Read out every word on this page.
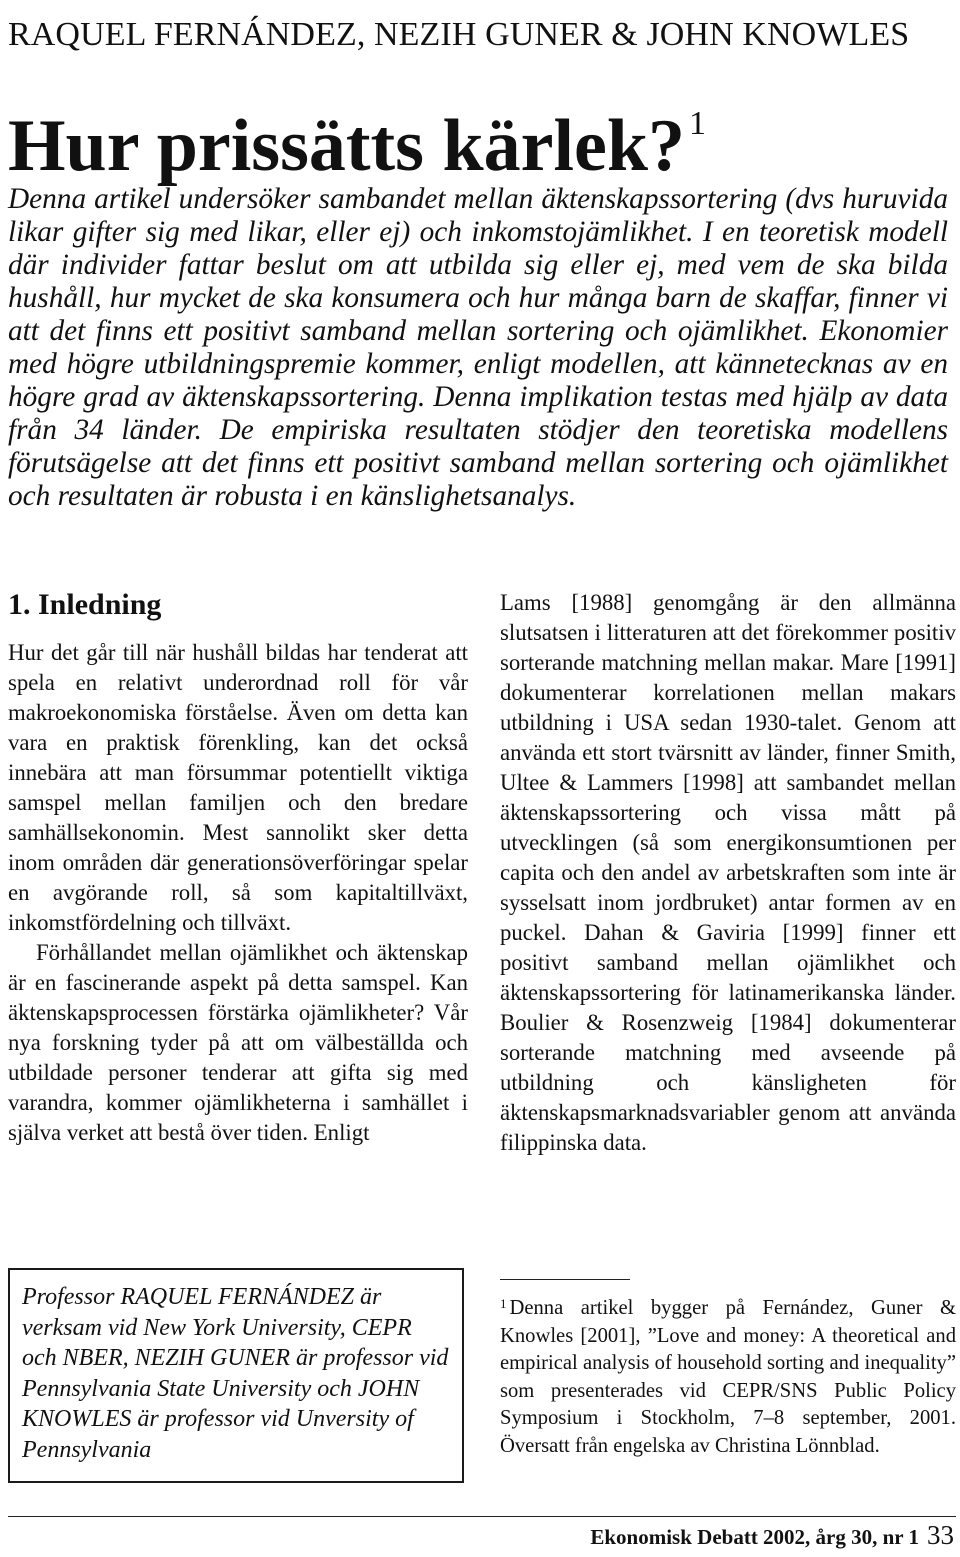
RAQUEL FERNÁNDEZ, NEZIH GUNER & JOHN KNOWLES
Hur prissätts kärlek? $^1$
Denna artikel undersöker sambandet mellan äktenskapssortering (dvs huruvida likar gifter sig med likar, eller ej) och inkomstojämlikhet. I en teoretisk modell där individer fattar beslut om att utbilda sig eller ej, med vem de ska bilda hushåll, hur mycket de ska konsumera och hur många barn de skaffar, finner vi att det finns ett positivt samband mellan sortering och ojämlikhet. Ekonomier med högre utbildningspremie kommer, enligt modellen, att kännetecknas av en högre grad av äktenskapssortering. Denna implikation testas med hjälp av data från 34 länder. De empiriska resultaten stödjer den teoretiska modellens förutsägelse att det finns ett positivt samband mellan sortering och ojämlikhet och resultaten är robusta i en känslighetsanalys.
1. Inledning

Hur det går till när hushåll bildas har tenderat att spela en relativt underordnad roll för vår makroekonomiska förståelse. Även om detta kan vara en praktisk förenkling, kan det också innebära att man försummar potentiellt viktiga samspel mellan familjen och den bredare samhällsekonomin. Mest sannolikt sker detta inom områden där generationsöverföringar spelar en avgörande roll, så som kapitaltillväxt, inkomstfördelning och tillväxt.

Förhållandet mellan ojämlikhet och äktenskap är en fascinerande aspekt på detta samspel. Kan äktenskapsprocessen förstärka ojämlikheter? Vår nya forskning tyder på att om välbeställda och utbildade personer tenderar att gifta sig med varandra, kommer ojämlikheterna i samhället i själva verket att bestå över tiden. Enligt

Lams [1988] genomgång är den allmänna slutsatsen i litteraturen att det förekommer positiv sorterande matchning mellan makar. Mare [1991] dokumenterar korrelationen mellan makars utbildning i USA sedan 1930-talet. Genom att använda ett stort tvärsnitt av länder, finner Smith, Ultee & Lammers [1998] att sambandet mellan äktenskapssortering och vissa mått på utvecklingen (så som energikonsumtionen per capita och den andel av arbetskraften som inte är sysselsatt inom jordbruket) antar formen av en puckel. Dahan & Gaviria [1999] finner ett positivt samband mellan ojämlikhet och äktenskapssortering för latinamerikanska länder. Boulier & Rosenzweig [1984] dokumenterar sorterande matchning med avseende på utbildning och känsligheten för äktenskapsmarknadsvariabler genom att använda filippinska data.

Professor RAQUEL FERNÁNDEZ är verksam vid New York University, CEPR och NBER, NEZIH GUNER är professor vid Pennsylvania State University och JOHN KNOWLES är professor vid Unversity of Pennsylvania
$^1$ Denna artikel bygger på Fernández, Guner & Knowles [2001], ”Love and money: A theoretical and empirical analysis of household sorting and inequality” som presenterades vid CEPR/SNS Public Policy Symposium i Stockholm, 7–8 september, 2001. Översatt från engelska av Christina Lönnblad.
Ekonomisk Debatt 2002, årg 30, nr 1 33
